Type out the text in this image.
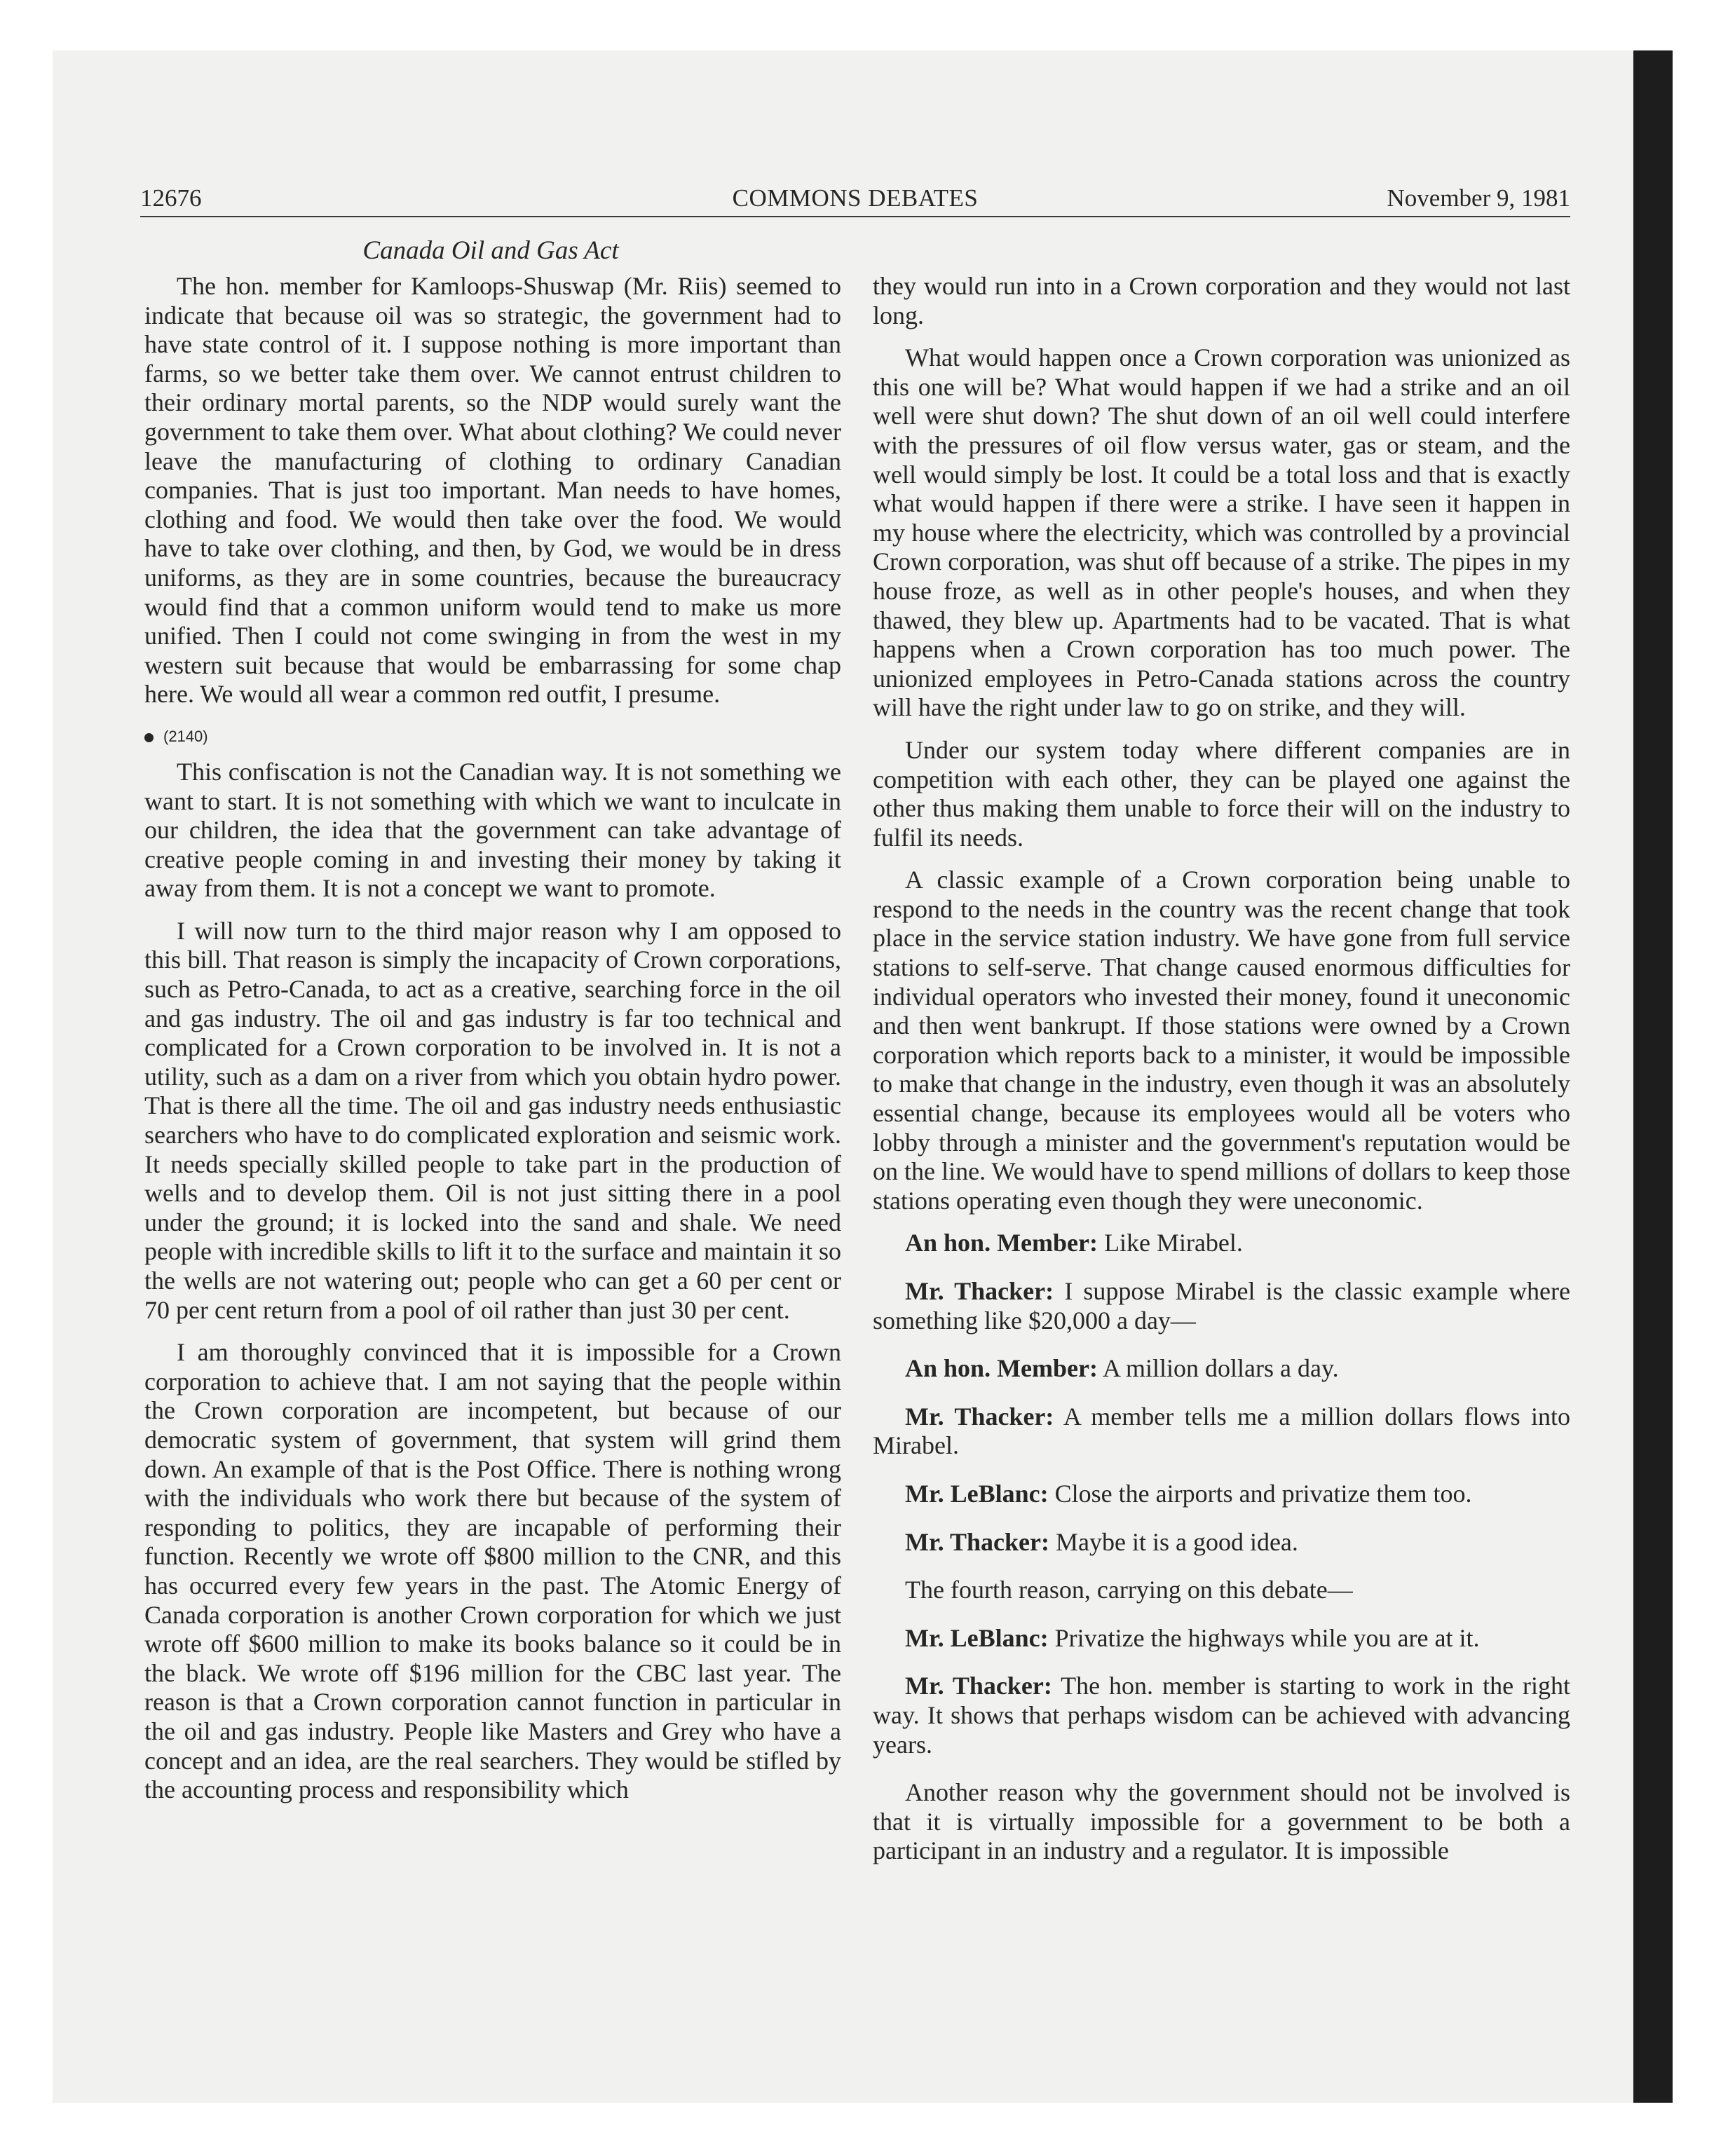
12676	COMMONS DEBATES	November 9, 1981
Canada Oil and Gas Act

The hon. member for Kamloops-Shuswap (Mr. Riis) seemed to indicate that because oil was so strategic, the government had to have state control of it. I suppose nothing is more important than farms, so we better take them over. We cannot entrust children to their ordinary mortal parents, so the NDP would surely want the government to take them over. What about clothing? We could never leave the manufacturing of clothing to ordinary Canadian companies. That is just too important. Man needs to have homes, clothing and food. We would then take over the food. We would have to take over clothing, and then, by God, we would be in dress uniforms, as they are in some countries, because the bureaucracy would find that a common uniform would tend to make us more unified. Then I could not come swinging in from the west in my western suit because that would be embarrassing for some chap here. We would all wear a common red outfit, I presume.

(2140)

This confiscation is not the Canadian way. It is not something we want to start. It is not something with which we want to inculcate in our children, the idea that the government can take advantage of creative people coming in and investing their money by taking it away from them. It is not a concept we want to promote.

I will now turn to the third major reason why I am opposed to this bill. That reason is simply the incapacity of Crown corporations, such as Petro-Canada, to act as a creative, searching force in the oil and gas industry. The oil and gas industry is far too technical and complicated for a Crown corporation to be involved in. It is not a utility, such as a dam on a river from which you obtain hydro power. That is there all the time. The oil and gas industry needs enthusiastic searchers who have to do complicated exploration and seismic work. It needs specially skilled people to take part in the production of wells and to develop them. Oil is not just sitting there in a pool under the ground; it is locked into the sand and shale. We need people with incredible skills to lift it to the surface and maintain it so the wells are not watering out; people who can get a 60 per cent or 70 per cent return from a pool of oil rather than just 30 per cent.

I am thoroughly convinced that it is impossible for a Crown corporation to achieve that. I am not saying that the people within the Crown corporation are incompetent, but because of our democratic system of government, that system will grind them down. An example of that is the Post Office. There is nothing wrong with the individuals who work there but because of the system of responding to politics, they are incapable of performing their function. Recently we wrote off $800 million to the CNR, and this has occurred every few years in the past. The Atomic Energy of Canada corporation is another Crown corporation for which we just wrote off $600 million to make its books balance so it could be in the black. We wrote off $196 million for the CBC last year. The reason is that a Crown corporation cannot function in particular in the oil and gas industry. People like Masters and Grey who have a concept and an idea, are the real searchers. They would be stifled by the accounting process and responsibility which

they would run into in a Crown corporation and they would not last long.

What would happen once a Crown corporation was unionized as this one will be? What would happen if we had a strike and an oil well were shut down? The shut down of an oil well could interfere with the pressures of oil flow versus water, gas or steam, and the well would simply be lost. It could be a total loss and that is exactly what would happen if there were a strike. I have seen it happen in my house where the electricity, which was controlled by a provincial Crown corporation, was shut off because of a strike. The pipes in my house froze, as well as in other people's houses, and when they thawed, they blew up. Apartments had to be vacated. That is what happens when a Crown corporation has too much power. The unionized employees in Petro-Canada stations across the country will have the right under law to go on strike, and they will.

Under our system today where different companies are in competition with each other, they can be played one against the other thus making them unable to force their will on the industry to fulfil its needs.

A classic example of a Crown corporation being unable to respond to the needs in the country was the recent change that took place in the service station industry. We have gone from full service stations to self-serve. That change caused enormous difficulties for individual operators who invested their money, found it uneconomic and then went bankrupt. If those stations were owned by a Crown corporation which reports back to a minister, it would be impossible to make that change in the industry, even though it was an absolutely essential change, because its employees would all be voters who lobby through a minister and the government's reputation would be on the line. We would have to spend millions of dollars to keep those stations operating even though they were uneconomic.

An hon. Member: Like Mirabel.

Mr. Thacker: I suppose Mirabel is the classic example where something like $20,000 a day—

An hon. Member: A million dollars a day.

Mr. Thacker: A member tells me a million dollars flows into Mirabel.

Mr. LeBlanc: Close the airports and privatize them too.

Mr. Thacker: Maybe it is a good idea.

The fourth reason, carrying on this debate—

Mr. LeBlanc: Privatize the highways while you are at it.

Mr. Thacker: The hon. member is starting to work in the right way. It shows that perhaps wisdom can be achieved with advancing years.

Another reason why the government should not be involved is that it is virtually impossible for a government to be both a participant in an industry and a regulator. It is impossible
